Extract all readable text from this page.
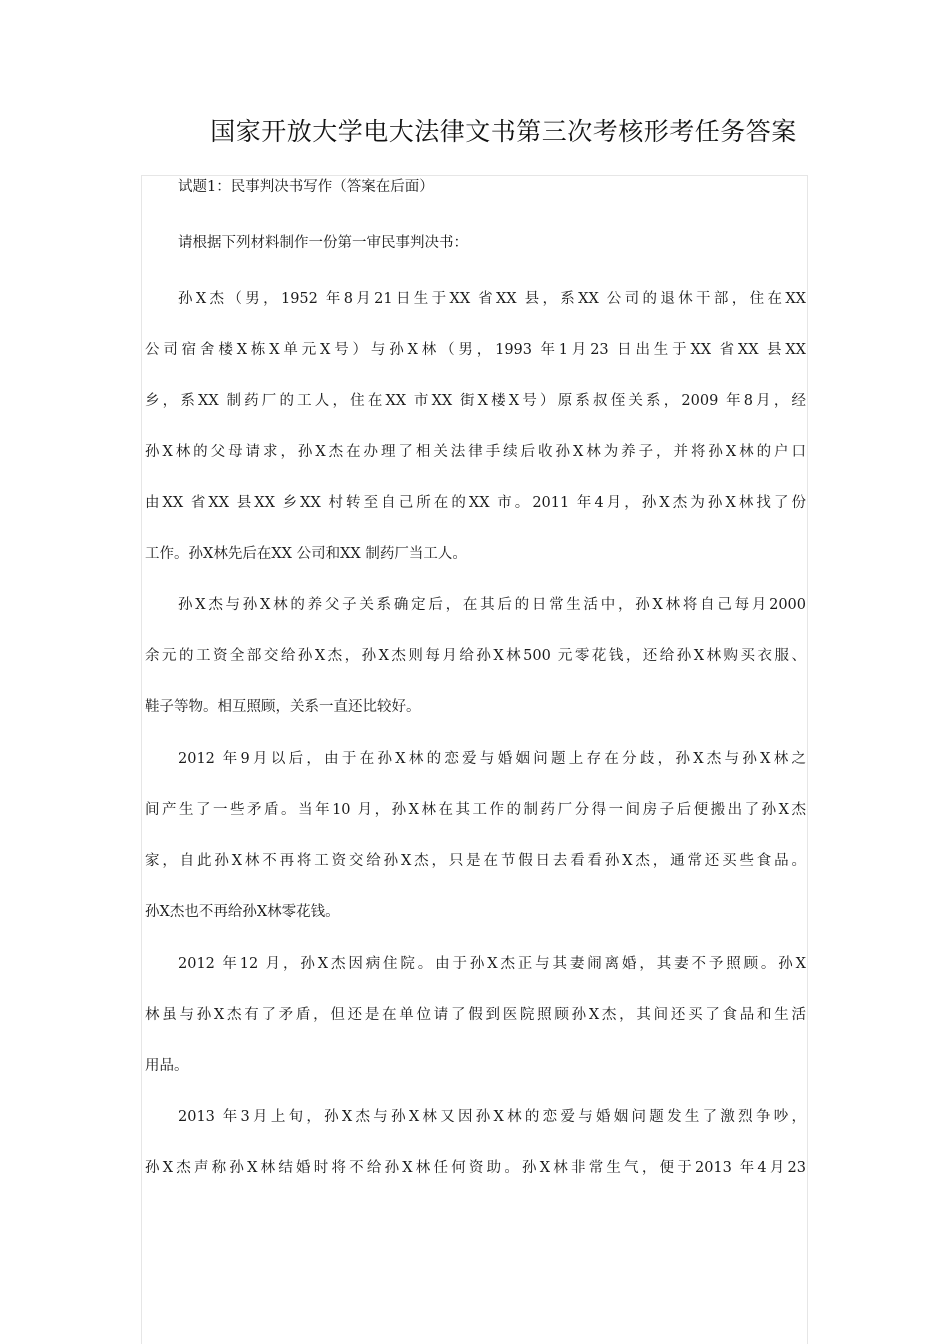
国家开放大学电大法律文书第三次考核形考任务答案
试题1：民事判决书写作（答案在后面）
请根据下列材料制作一份第一审民事判决书：
孙X杰（男，1952 年8月21日生于XX 省XX 县，系XX 公司的退休干部，住在XX
公司宿舍楼X栋X单元X号）与孙X林（男，1993 年1月23 日出生于XX 省XX 县XX
乡，系XX 制药厂的工人，住在XX 市XX 街X楼X号）原系叔侄关系，2009 年8月，经
孙X林的父母请求，孙X杰在办理了相关法律手续后收孙X林为养子，并将孙X林的户口
由XX 省XX 县XX 乡XX 村转至自己所在的XX 市。2011 年4月，孙X杰为孙X林找了份
工作。孙X林先后在XX 公司和XX 制药厂当工人。
孙X杰与孙X林的养父子关系确定后，在其后的日常生活中，孙X林将自己每月2000
余元的工资全部交给孙X杰，孙X杰则每月给孙X林500 元零花钱，还给孙X林购买衣服、
鞋子等物。相互照顾，关系一直还比较好。
2012 年9月以后，由于在孙X林的恋爱与婚姻问题上存在分歧，孙X杰与孙X林之
间产生了一些矛盾。当年10 月，孙X林在其工作的制药厂分得一间房子后便搬出了孙X杰
家，自此孙X林不再将工资交给孙X杰，只是在节假日去看看孙X杰，通常还买些食品。
孙X杰也不再给孙X林零花钱。
2012 年12 月，孙X杰因病住院。由于孙X杰正与其妻闹离婚，其妻不予照顾。孙X
林虽与孙X杰有了矛盾，但还是在单位请了假到医院照顾孙X杰，其间还买了食品和生活
用品。
2013 年3月上旬，孙X杰与孙X林又因孙X林的恋爱与婚姻问题发生了激烈争吵，
孙X杰声称孙X林结婚时将不给孙X林任何资助。孙X林非常生气，便于2013 年4月23
